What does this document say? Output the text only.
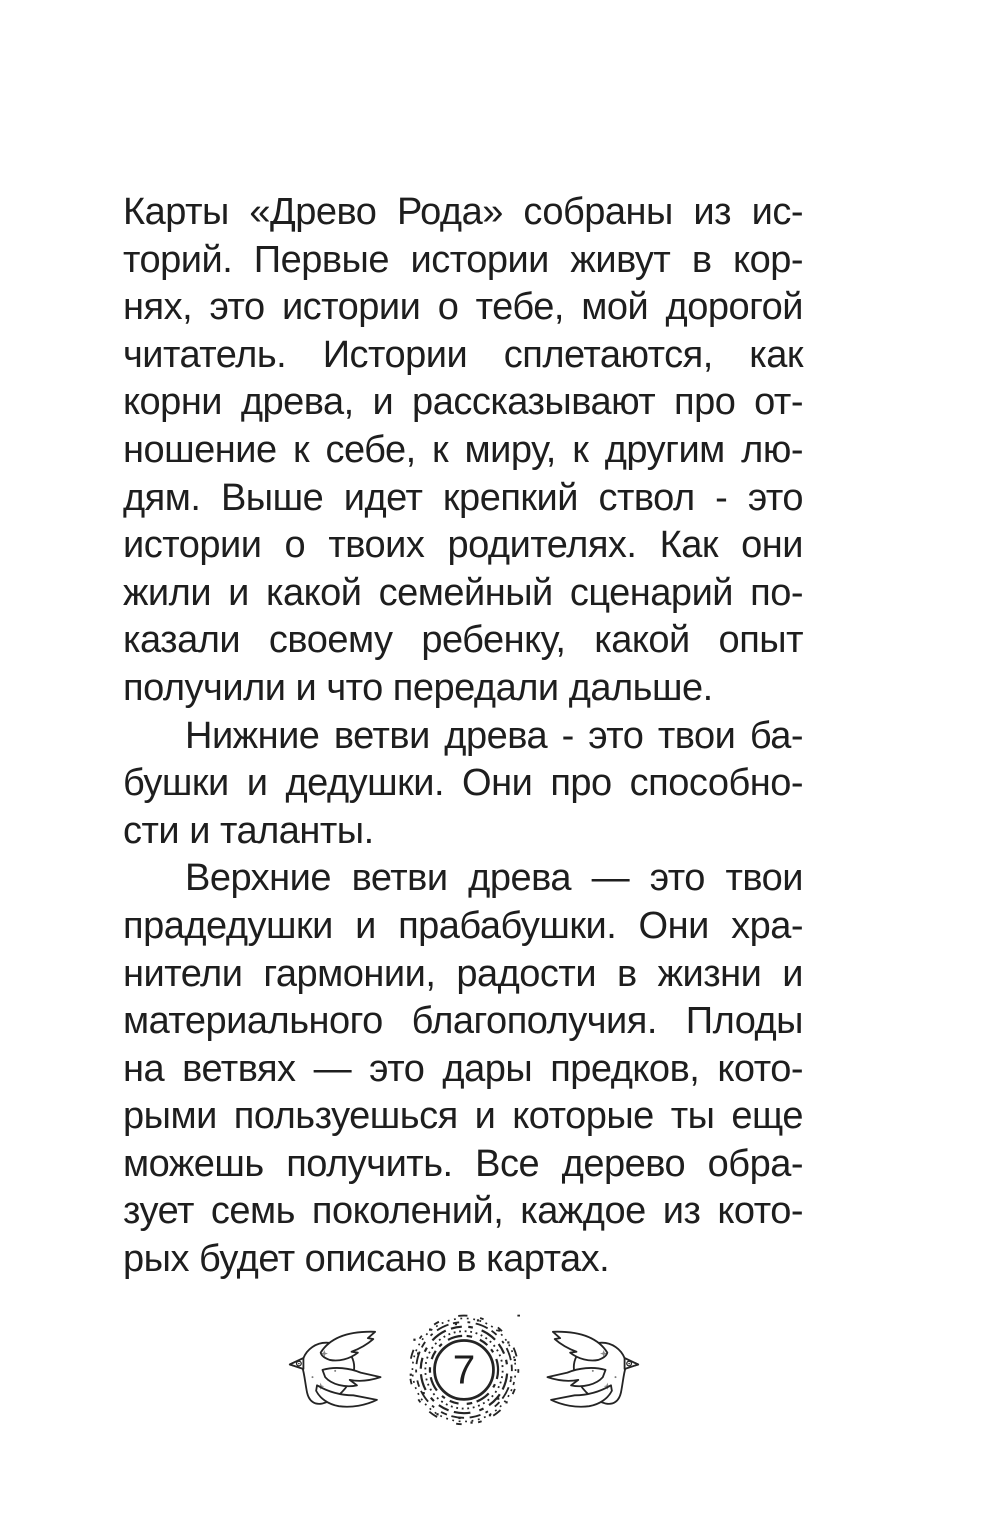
Карты «Древо Рода» собраны из ис-
торий. Первые истории живут в кор-
нях, это истории о тебе, мой дорогой
читатель. Истории сплетаются, как
корни древа, и рассказывают про от-
ношение к себе, к миру, к другим лю-
дям. Выше идет крепкий ствол - это
истории о твоих родителях. Как они
жили и какой семейный сценарий по-
казали своему ребенку, какой опыт
получили и что передали дальше.
Нижние ветви древа - это твои ба-
бушки и дедушки. Они про способно-
сти и таланты.
Верхние ветви древа — это твои
прадедушки и прабабушки. Они хра-
нители гармонии, радости в жизни и
материального благополучия. Плоды
на ветвях — это дары предков, кото-
рыми пользуешься и которые ты еще
можешь получить. Все дерево обра-
зует семь поколений, каждое из кото-
рых будет описано в картах.
7
